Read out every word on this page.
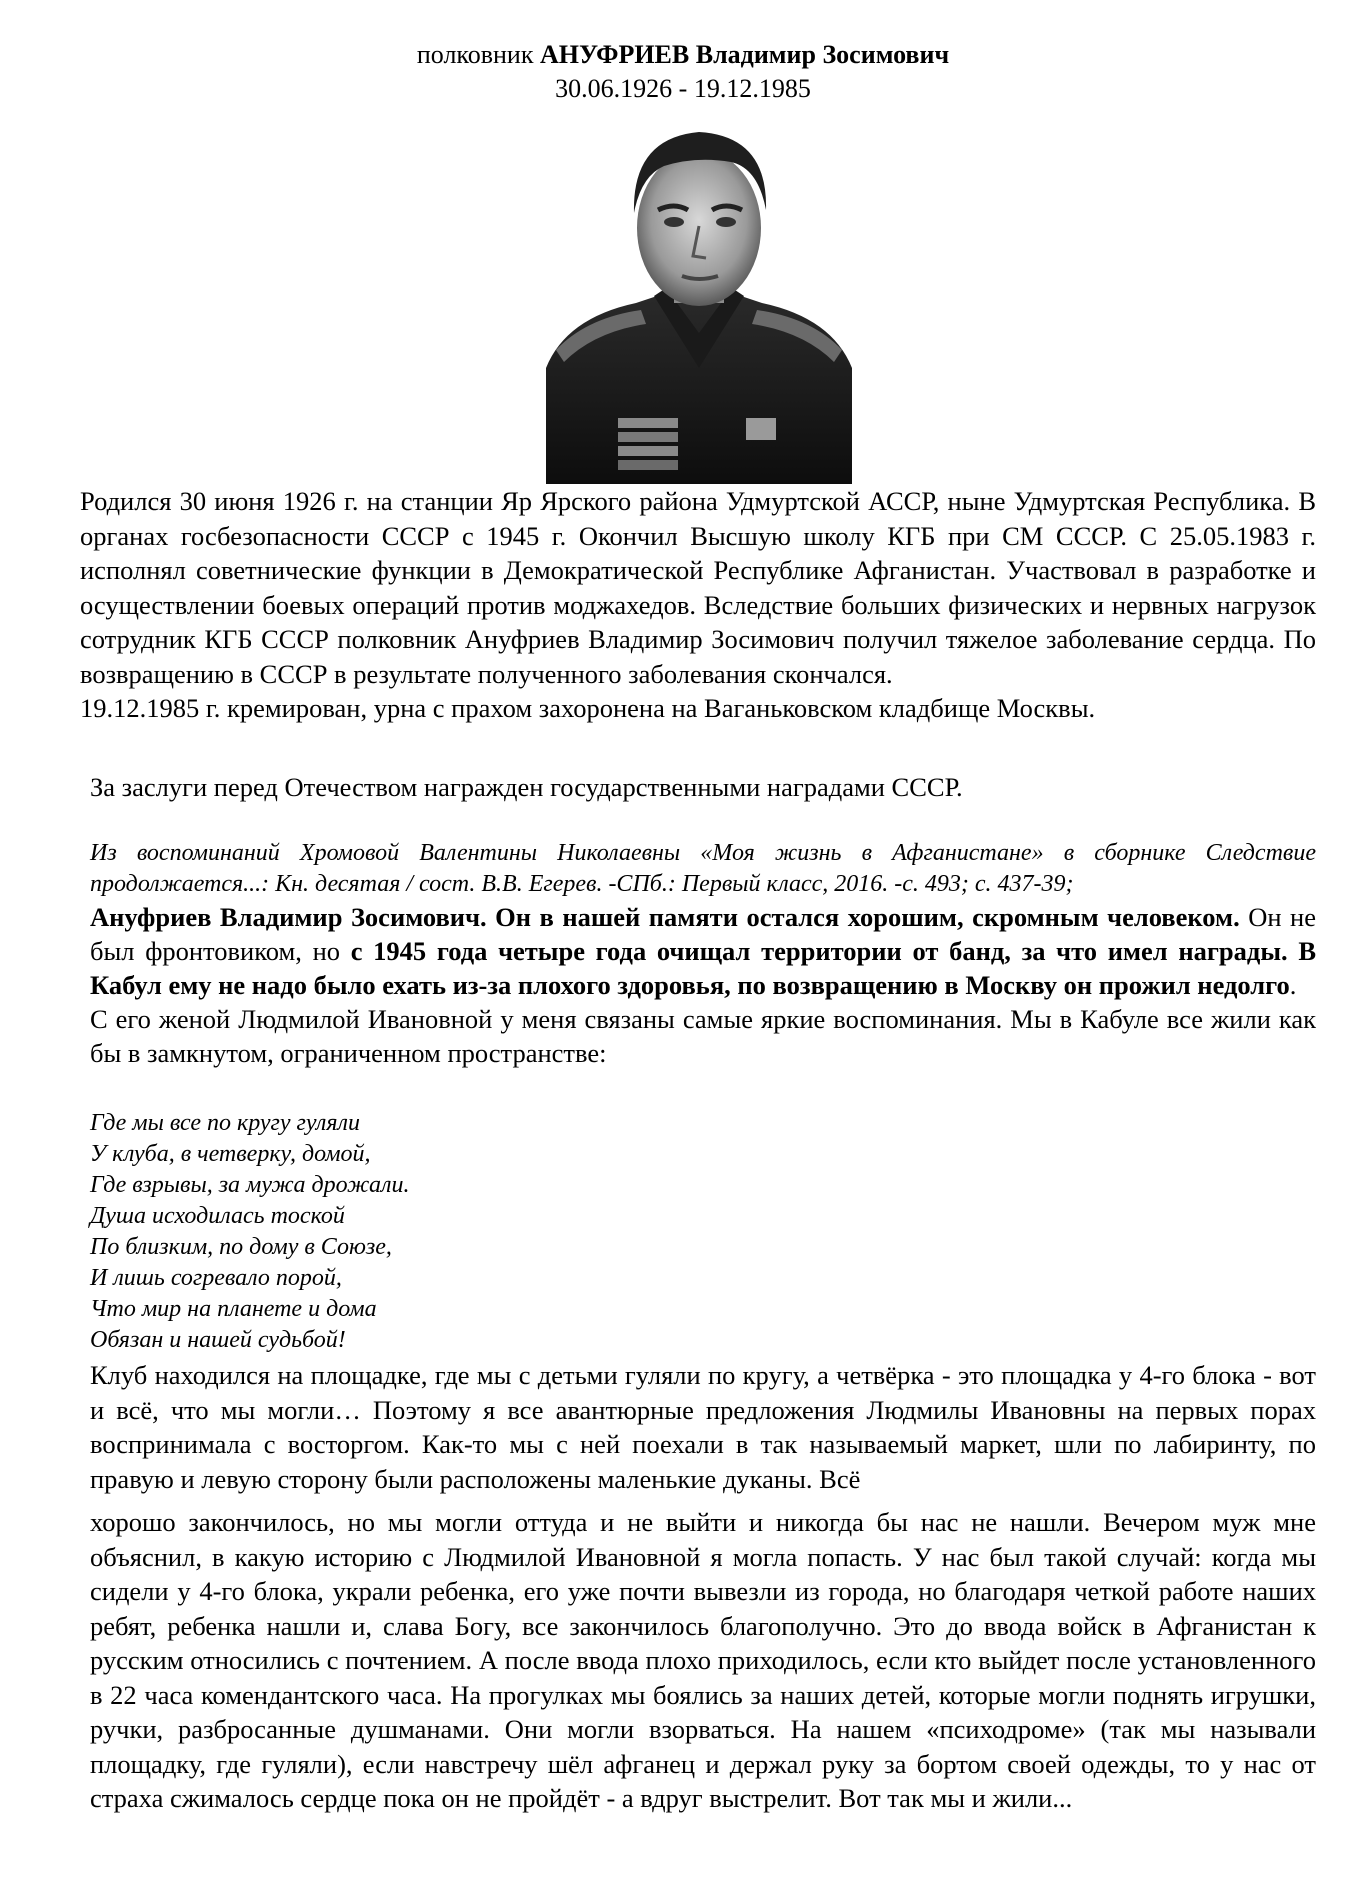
полковник АНУФРИЕВ Владимир Зосимович
30.06.1926 - 19.12.1985

Родился 30 июня 1926 г. на станции Яр Ярского района Удмуртской АССР, ныне Удмуртская Республика. В органах госбезопасности СССР с 1945 г. Окончил Высшую школу КГБ при СМ СССР. С 25.05.1983 г. исполнял советнические функции в Демократической Республике Афганистан. Участвовал в разработке и осуществлении боевых операций против моджахедов. Вследствие больших физических и нервных нагрузок сотрудник КГБ СССР полковник Ануфриев Владимир Зосимович получил тяжелое заболевание сердца. По возвращению в СССР в результате полученного заболевания скончался.

19.12.1985 г. кремирован, урна с прахом захоронена на Ваганьковском кладбище Москвы.

За заслуги перед Отечеством награжден государственными наградами СССР.

Из воспоминаний Хромовой Валентины Николаевны «Моя жизнь в Афганистане» в сборнике Следствие продолжается...: Кн. десятая / сост. В.В. Егерев. -СПб.: Первый класс, 2016. -с. 493; с. 437-39;

Ануфриев Владимир Зосимович. Он в нашей памяти остался хорошим, скромным человеком. Он не был фронтовиком, но с 1945 года четыре года очищал территории от банд, за что имел награды. В Кабул ему не надо было ехать из-за плохого здоровья, по возвращению в Москву он прожил недолго.

С его женой Людмилой Ивановной у меня связаны самые яркие воспоминания. Мы в Кабуле все жили как бы в замкнутом, ограниченном пространстве:

Где мы все по кругу гуляли
У клуба, в четверку, домой,
Где взрывы, за мужа дрожали.
Душа исходилась тоской
По близким, по дому в Союзе,
И лишь согревало порой,
Что мир на планете и дома
Обязан и нашей судьбой!

Клуб находился на площадке, где мы с детьми гуляли по кругу, а четвёрка - это площадка у 4-го блока - вот и всё, что мы могли… Поэтому я все авантюрные предложения Людмилы Ивановны на первых порах воспринимала с восторгом. Как-то мы с ней поехали в так называемый маркет, шли по лабиринту, по правую и левую сторону были расположены маленькие дуканы. Всё

хорошо закончилось, но мы могли оттуда и не выйти и никогда бы нас не нашли. Вечером муж мне объяснил, в какую историю с Людмилой Ивановной я могла попасть. У нас был такой случай: когда мы сидели у 4-го блока, украли ребенка, его уже почти вывезли из города, но благодаря четкой работе наших ребят, ребенка нашли и, слава Богу, все закончилось благополучно. Это до ввода войск в Афганистан к русским относились с почтением. А после ввода плохо приходилось, если кто выйдет после установленного в 22 часа комендантского часа. На прогулках мы боялись за наших детей, которые могли поднять игрушки, ручки, разбросанные душманами. Они могли взорваться. На нашем «психодроме» (так мы называли площадку, где гуляли), если навстречу шёл афганец и держал руку за бортом своей одежды, то у нас от страха сжималось сердце пока он не пройдёт - а вдруг выстрелит. Вот так мы и жили...
